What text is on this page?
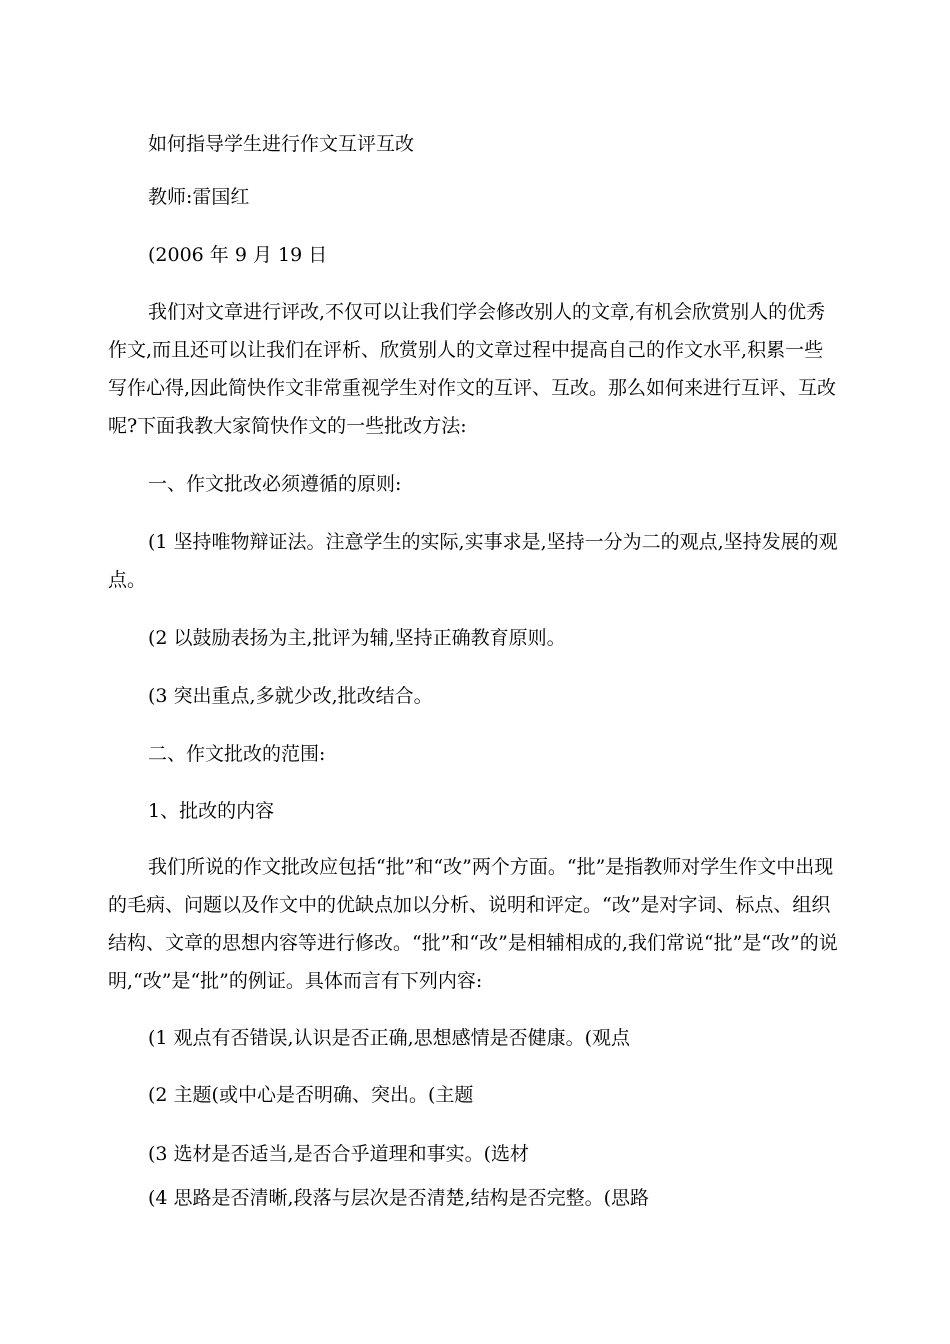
如何指导学生进行作文互评互改
教师:雷国红
(2006 年 9 月 19 日
我们对文章进行评改,不仅可以让我们学会修改别人的文章,有机会欣赏别人的优秀
作文,而且还可以让我们在评析、欣赏别人的文章过程中提高自己的作文水平,积累一些
写作心得,因此简快作文非常重视学生对作文的互评、互改。那么如何来进行互评、互改
呢?下面我教大家简快作文的一些批改方法:
一、作文批改必须遵循的原则:
(1 坚持唯物辩证法。注意学生的实际,实事求是,坚持一分为二的观点,坚持发展的观
点。
(2 以鼓励表扬为主,批评为辅,坚持正确教育原则。
(3 突出重点,多就少改,批改结合。
二、作文批改的范围:
1、批改的内容
我们所说的作文批改应包括“批”和“改”两个方面。“批”是指教师对学生作文中出现
的毛病、问题以及作文中的优缺点加以分析、说明和评定。“改”是对字词、标点、组织
结构、文章的思想内容等进行修改。“批”和“改”是相辅相成的,我们常说“批”是“改”的说
明,“改”是“批”的例证。具体而言有下列内容:
(1 观点有否错误,认识是否正确,思想感情是否健康。(观点
(2 主题(或中心是否明确、突出。(主题
(3 选材是否适当,是否合乎道理和事实。(选材
(4 思路是否清晰,段落与层次是否清楚,结构是否完整。(思路
